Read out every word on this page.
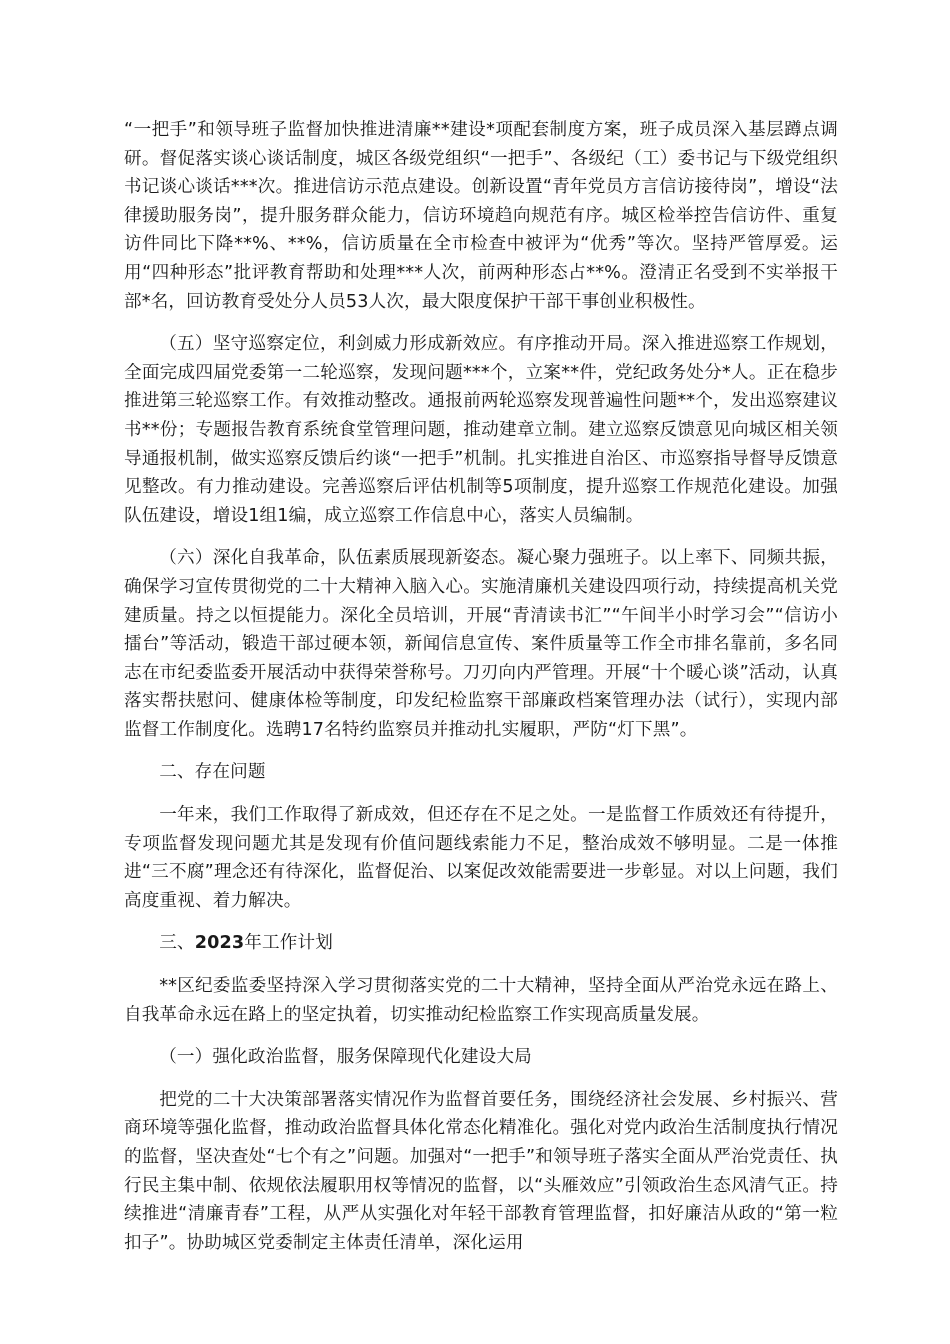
“一把手”和领导班子监督加快推进清廉**建设*项配套制度方案，班子成员深入基层蹲点调研。督促落实谈心谈话制度，城区各级党组织“一把手”、各级纪（工）委书记与下级党组织书记谈心谈话***次。推进信访示范点建设。创新设置“青年党员方言信访接待岗”，增设“法律援助服务岗”，提升服务群众能力，信访环境趋向规范有序。城区检举控告信访件、重复访件同比下降**%、**%，信访质量在全市检查中被评为“优秀”等次。坚持严管厚爱。运用“四种形态”批评教育帮助和处理***人次，前两种形态占**%。澄清正名受到不实举报干部*名，回访教育受处分人员53人次，最大限度保护干部干事创业积极性。

（五）坚守巡察定位，利剑威力形成新效应。有序推动开局。深入推进巡察工作规划，全面完成四届党委第一二轮巡察，发现问题***个，立案**件，党纪政务处分*人。正在稳步推进第三轮巡察工作。有效推动整改。通报前两轮巡察发现普遍性问题**个，发出巡察建议书**份；专题报告教育系统食堂管理问题，推动建章立制。建立巡察反馈意见向城区相关领导通报机制，做实巡察反馈后约谈“一把手”机制。扎实推进自治区、市巡察指导督导反馈意见整改。有力推动建设。完善巡察后评估机制等5项制度，提升巡察工作规范化建设。加强队伍建设，增设1组1编，成立巡察工作信息中心，落实人员编制。

（六）深化自我革命，队伍素质展现新姿态。凝心聚力强班子。以上率下、同频共振，确保学习宣传贯彻党的二十大精神入脑入心。实施清廉机关建设四项行动，持续提高机关党建质量。持之以恒提能力。深化全员培训，开展“青清读书汇”“午间半小时学习会”“信访小擂台”等活动，锻造干部过硬本领，新闻信息宣传、案件质量等工作全市排名靠前，多名同志在市纪委监委开展活动中获得荣誉称号。刀刃向内严管理。开展“十个暖心谈”活动，认真落实帮扶慰问、健康体检等制度，印发纪检监察干部廉政档案管理办法（试行），实现内部监督工作制度化。选聘17名特约监察员并推动扎实履职，严防“灯下黑”。

二、存在问题

一年来，我们工作取得了新成效，但还存在不足之处。一是监督工作质效还有待提升，专项监督发现问题尤其是发现有价值问题线索能力不足，整治成效不够明显。二是一体推进“三不腐”理念还有待深化，监督促治、以案促改效能需要进一步彰显。对以上问题，我们高度重视、着力解决。

三、2023年工作计划

**区纪委监委坚持深入学习贯彻落实党的二十大精神，坚持全面从严治党永远在路上、自我革命永远在路上的坚定执着，切实推动纪检监察工作实现高质量发展。

（一）强化政治监督，服务保障现代化建设大局

把党的二十大决策部署落实情况作为监督首要任务，围绕经济社会发展、乡村振兴、营商环境等强化监督，推动政治监督具体化常态化精准化。强化对党内政治生活制度执行情况的监督，坚决查处“七个有之”问题。加强对“一把手”和领导班子落实全面从严治党责任、执行民主集中制、依规依法履职用权等情况的监督，以“头雁效应”引领政治生态风清气正。持续推进“清廉青春”工程，从严从实强化对年轻干部教育管理监督，扣好廉洁从政的“第一粒扣子”。协助城区党委制定主体责任清单，深化运用
